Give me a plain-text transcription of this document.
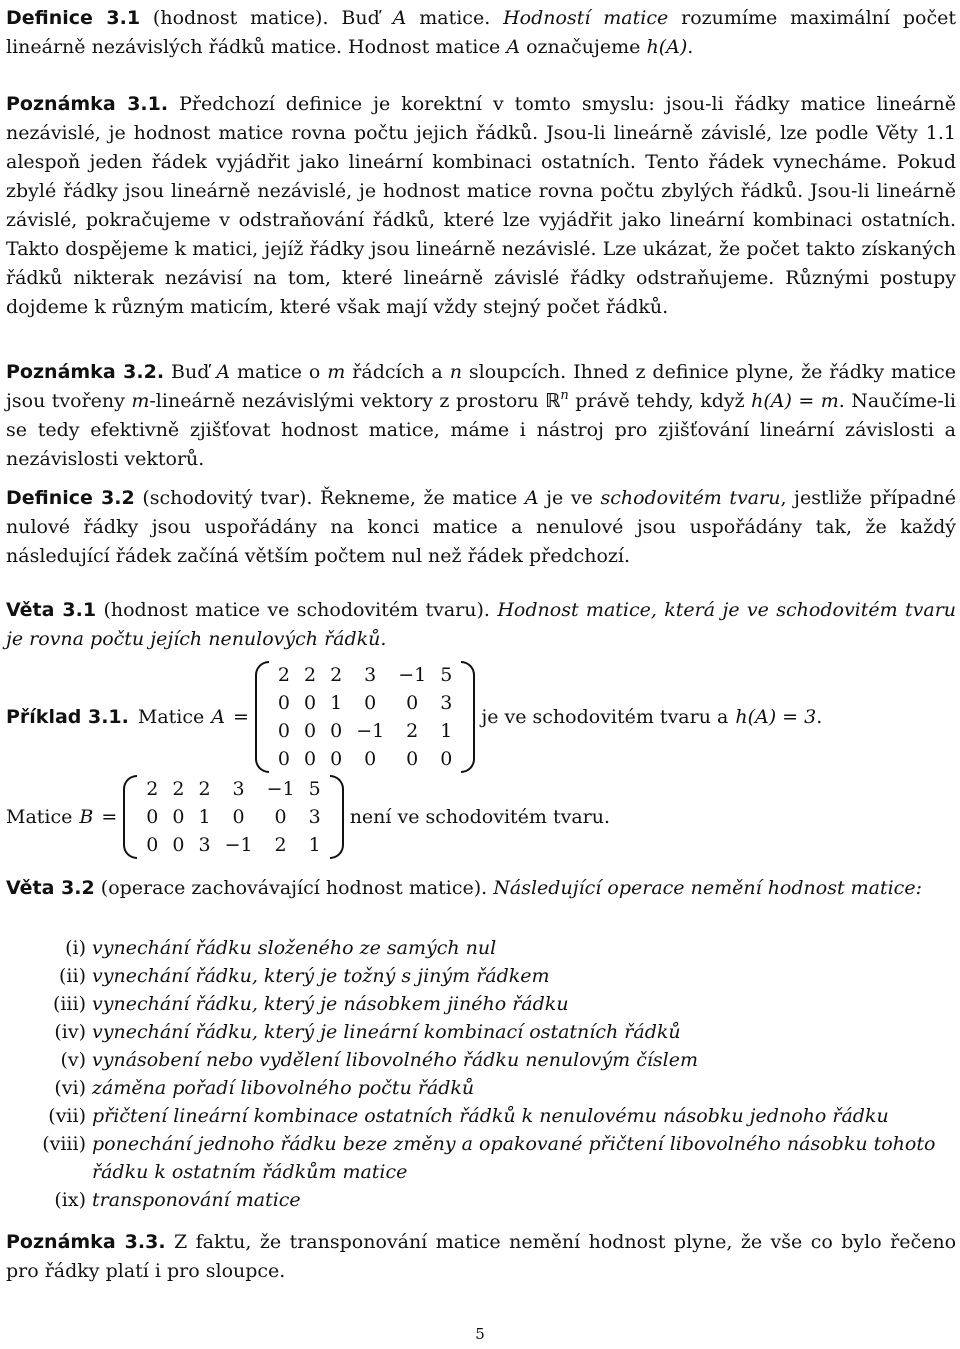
Definice 3.1 (hodnost matice). Buď A matice. Hodností matice rozumíme maximální počet lineárně nezávislých řádků matice. Hodnost matice A označujeme h(A).

Poznámka 3.1. Předchozí definice je korektní v tomto smyslu: jsou-li řádky matice lineárně nezávislé, je hodnost matice rovna počtu jejich řádků. Jsou-li lineárně závislé, lze podle Věty 1.1 alespoň jeden řádek vyjádřit jako lineární kombinaci ostatních. Tento řádek vynecháme. Pokud zbylé řádky jsou lineárně nezávislé, je hodnost matice rovna počtu zbylých řádků. Jsou-li lineárně závislé, pokračujeme v odstraňování řádků, které lze vyjádřit jako lineární kombinaci ostatních. Takto dospějeme k matici, jejíž řádky jsou lineárně nezávislé. Lze ukázat, že počet takto získaných řádků nikterak nezávisí na tom, které lineárně závislé řádky odstraňujeme. Různými postupy dojdeme k různým maticím, které však mají vždy stejný počet řádků.

Poznámka 3.2. Buď A matice o m řádcích a n sloupcích. Ihned z definice plyne, že řádky matice jsou tvořeny m-lineárně nezávislými vektory z prostoru ℝ$^n$ právě tehdy, když h(A) = m. Naučíme-li se tedy efektivně zjišťovat hodnost matice, máme i nástroj pro zjišťování lineární závislosti a nezávislosti vektorů.

Definice 3.2 (schodovitý tvar). Řekneme, že matice A je ve schodovitém tvaru, jestliže případné nulové řádky jsou uspořádány na konci matice a nenulové jsou uspořádány tak, že každý následující řádek začíná větším počtem nul než řádek předchozí.

Věta 3.1 (hodnost matice ve schodovitém tvaru). Hodnost matice, která je ve schodovitém tvaru je rovna počtu jejích nenulových řádků.

Příklad 3.1. Matice A =
2	2	2	3	−1	5
0	0	1	0	0	3
0	0	0	−1	2	1
0	0	0	0	0	0
je ve schodovitém tvaru a h(A) = 3 .
Matice B =
2	2	2	3	−1	5
0	0	1	0	0	3
0	0	3	−1	2	1
není ve schodovitém tvaru.

Věta 3.2 (operace zachovávající hodnost matice). Následující operace nemění hodnost matice:

(i) vynechání řádku složeného ze samých nul
(ii) vynechání řádku, který je tožný s jiným řádkem
(iii) vynechání řádku, který je násobkem jiného řádku
(iv) vynechání řádku, který je lineární kombinací ostatních řádků
(v) vynásobení nebo vydělení libovolného řádku nenulovým číslem
(vi) záměna pořadí libovolného počtu řádků
(vii) přičtení lineární kombinace ostatních řádků k nenulovému násobku jednoho řádku
(viii) ponechání jednoho řádku beze změny a opakované přičtení libovolného násobku tohoto řádku k ostatním řádkům matice
(ix) transponování matice

Poznámka 3.3. Z faktu, že transponování matice nemění hodnost plyne, že vše co bylo řečeno pro řádky platí i pro sloupce.

5
